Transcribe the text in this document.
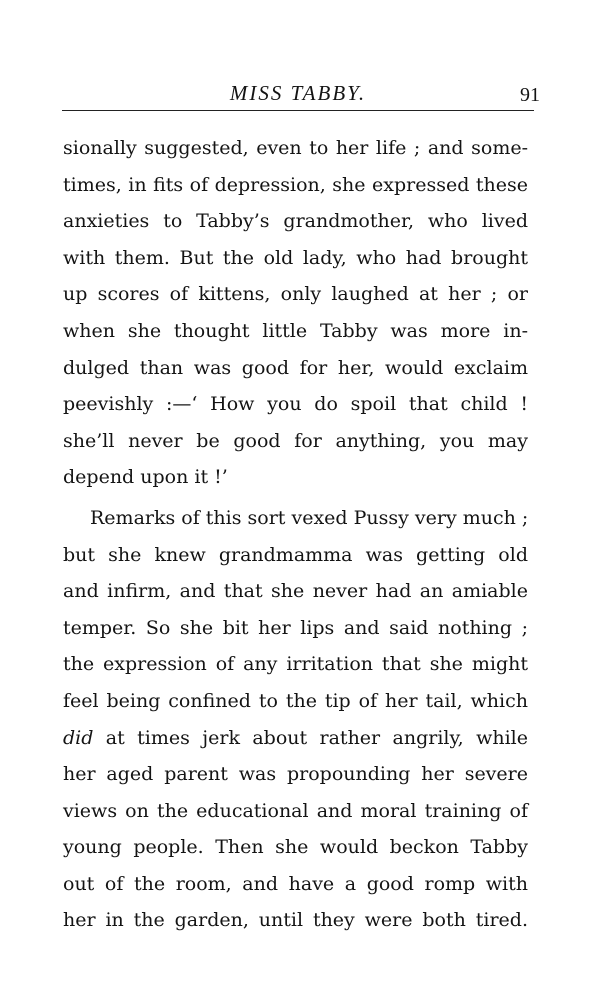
MISS TABBY.	91
sionally suggested, even to her life ; and some-
times, in fits of depression, she expressed these
anxieties to Tabby’s grandmother, who lived
with them. But the old lady, who had brought
up scores of kittens, only laughed at her ; or
when she thought little Tabby was more in-
dulged than was good for her, would exclaim
peevishly :—‘ How you do spoil that child !
she’ll never be good for anything, you may
depend upon it !’
Remarks of this sort vexed Pussy very much ;
but she knew grandmamma was getting old
and infirm, and that she never had an amiable
temper. So she bit her lips and said nothing ;
the expression of any irritation that she might
feel being confined to the tip of her tail, which
did at times jerk about rather angrily, while
her aged parent was propounding her severe
views on the educational and moral training of
young people. Then she would beckon Tabby
out of the room, and have a good romp with
her in the garden, until they were both tired.
